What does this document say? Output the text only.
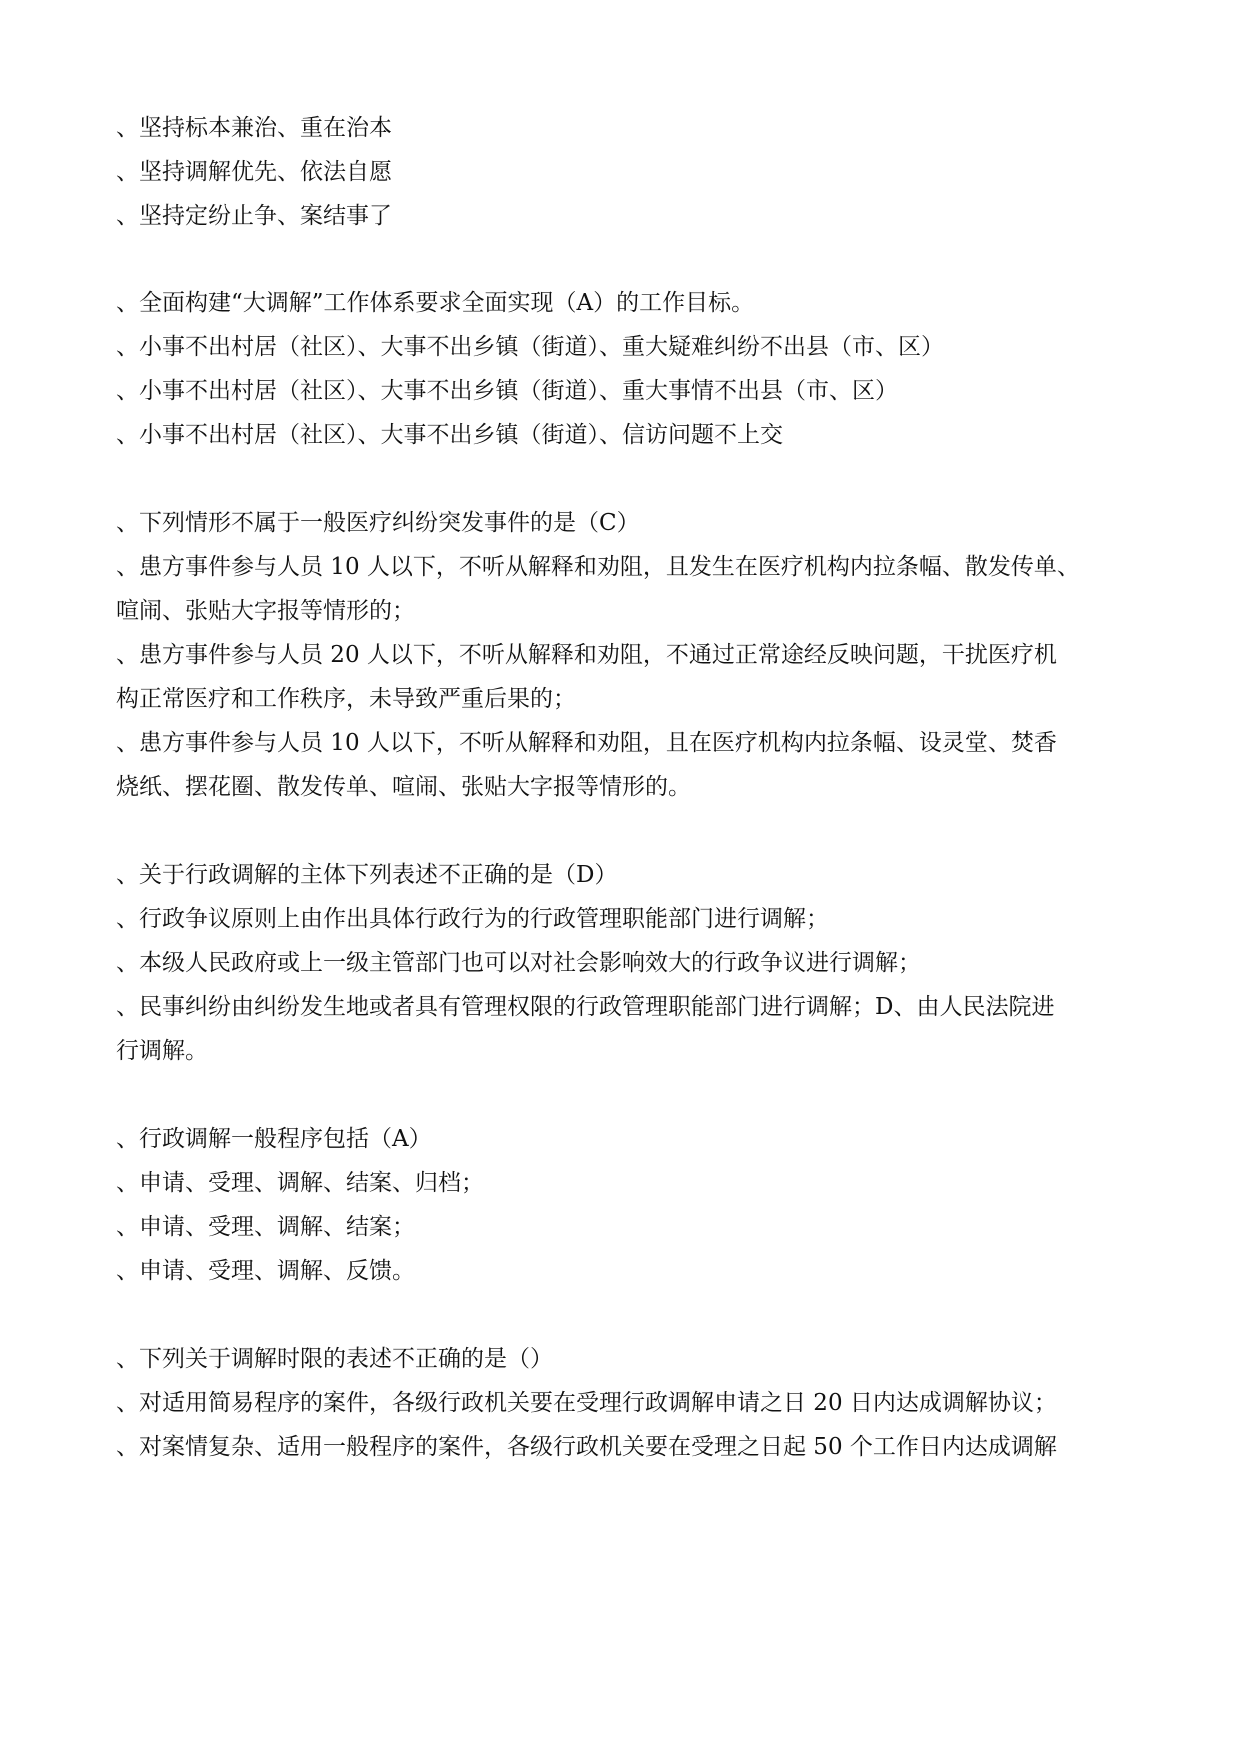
、坚持标本兼治、重在治本
、坚持调解优先、依法自愿
、坚持定纷止争、案结事了
、全面构建“大调解”工作体系要求全面实现（A）的工作目标。
、小事不出村居（社区）、大事不出乡镇（街道）、重大疑难纠纷不出县（市、区）
、小事不出村居（社区）、大事不出乡镇（街道）、重大事情不出县（市、区）
、小事不出村居（社区）、大事不出乡镇（街道）、信访问题不上交
、下列情形不属于一般医疗纠纷突发事件的是（C）
、患方事件参与人员 10 人以下，不听从解释和劝阻，且发生在医疗机构内拉条幅、散发传单、
喧闹、张贴大字报等情形的；
、患方事件参与人员 20 人以下，不听从解释和劝阻，不通过正常途经反映问题，干扰医疗机
构正常医疗和工作秩序，未导致严重后果的；
、患方事件参与人员 10 人以下，不听从解释和劝阻，且在医疗机构内拉条幅、设灵堂、焚香
烧纸、摆花圈、散发传单、喧闹、张贴大字报等情形的。
、关于行政调解的主体下列表述不正确的是（D）
、行政争议原则上由作出具体行政行为的行政管理职能部门进行调解；
、本级人民政府或上一级主管部门也可以对社会影响效大的行政争议进行调解；
、民事纠纷由纠纷发生地或者具有管理权限的行政管理职能部门进行调解；D、由人民法院进
行调解。
、行政调解一般程序包括（A）
、申请、受理、调解、结案、归档；
、申请、受理、调解、结案；
、申请、受理、调解、反馈。
、下列关于调解时限的表述不正确的是（）
、对适用简易程序的案件，各级行政机关要在受理行政调解申请之日 20 日内达成调解协议；
、对案情复杂、适用一般程序的案件，各级行政机关要在受理之日起 50 个工作日内达成调解
